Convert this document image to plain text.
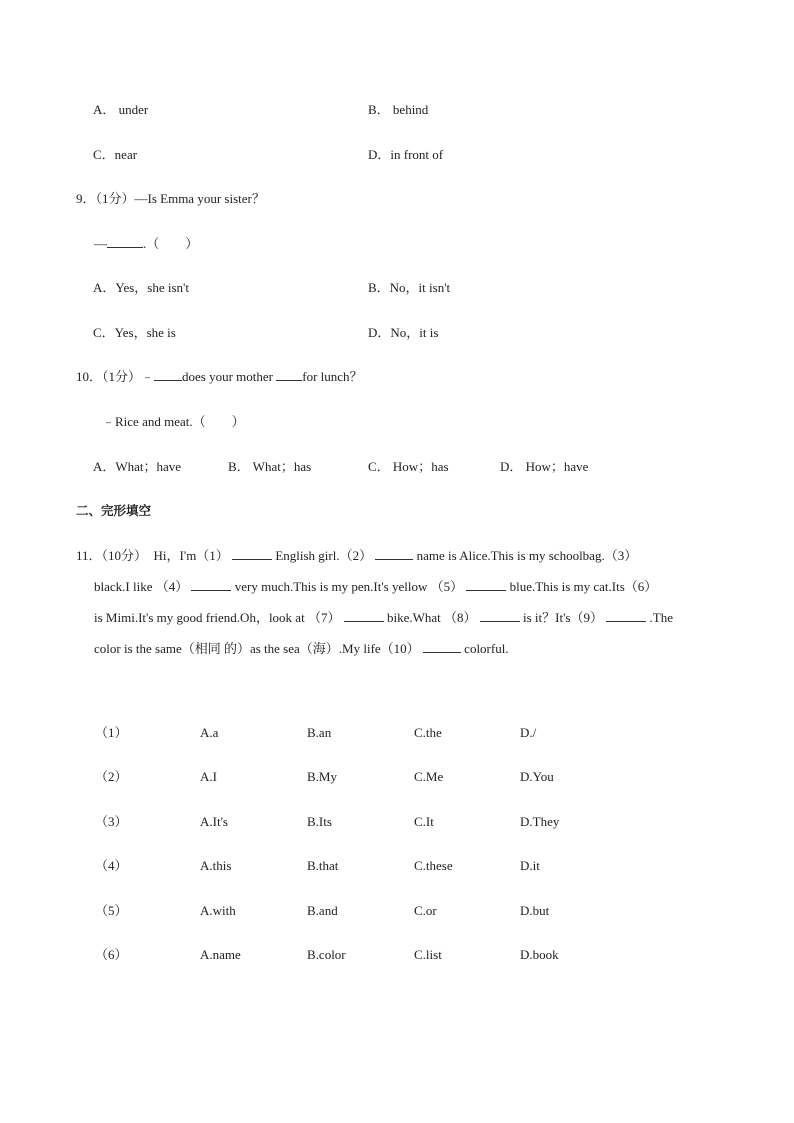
A． under	B． behind
C．near	D．in front of
9．（1分）—Is Emma your sister？
—	.（　　）
A．Yes，she isn't	B．No，it isn't
C．Yes，she is	D．No，it is
10．（1分）﹣ does your mother for lunch？
﹣Rice and meat.（　　）
A．What；have	B． What；has	C． How；has	D． How；have
二、完形填空
11．（10分）　Hi，I'm（1）	English girl.（2）	name is Alice.This is my schoolbag.（3）
black.I like （4）	very much.This is my pen.It's yellow （5）	blue.This is my cat.Its（6）
is Mimi.It's my good friend.Oh，look at （7）	bike.What （8）	is it？It's（9）	.The
color is the same（相同 的）as the sea（海）.My life（10）	colorful.
（1）	A.a	B.an	C.the	D./
（2）	A.I	B.My	C.Me	D.You
（3）	A.It's	B.Its	C.It	D.They
（4）	A.this	B.that	C.these	D.it
（5）	A.with	B.and	C.or	D.but
（6）	A.name	B.color	C.list	D.book
